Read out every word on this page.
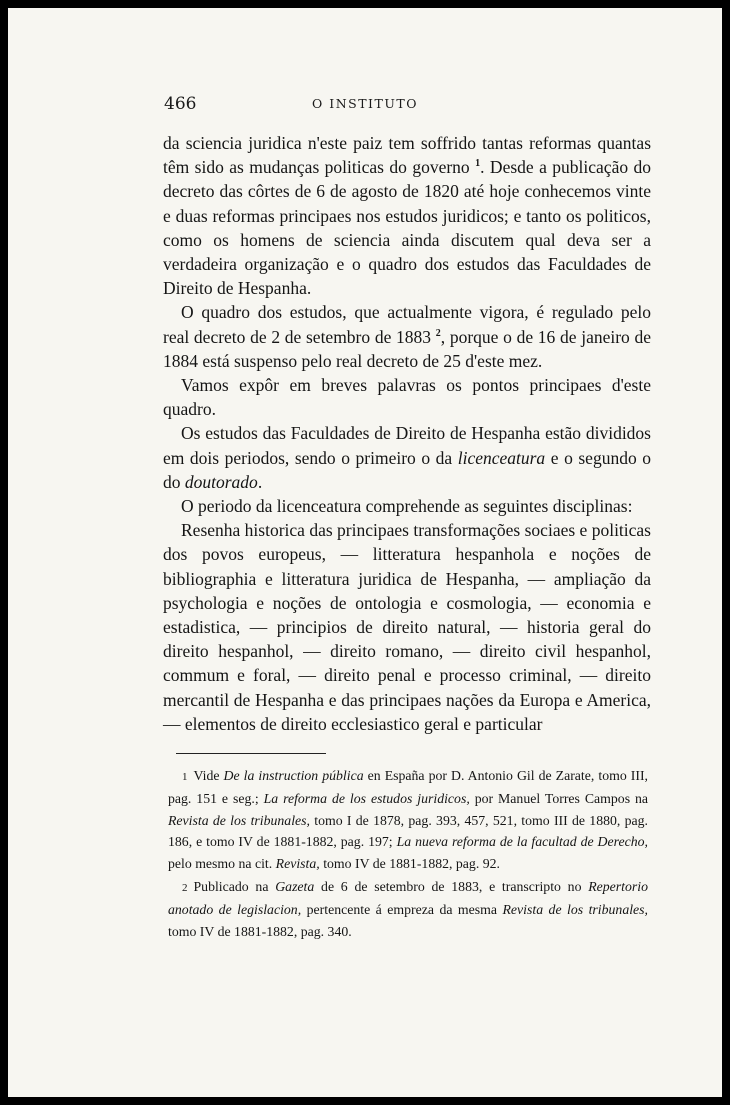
466	O INSTITUTO

da sciencia juridica n'este paiz tem soffrido tantas reformas quantas têm sido as mudanças politicas do governo $^1$. Desde a publicação do decreto das côrtes de 6 de agosto de 1820 até hoje conhecemos vinte e duas reformas principaes nos estudos juridicos; e tanto os politicos, como os homens de sciencia ainda discutem qual deva ser a verdadeira organização e o quadro dos estudos das Faculdades de Direito de Hespanha.

O quadro dos estudos, que actualmente vigora, é regulado pelo real decreto de 2 de setembro de 1883 $^2$, porque o de 16 de janeiro de 1884 está suspenso pelo real decreto de 25 d'este mez.

Vamos expôr em breves palavras os pontos principaes d'este quadro.

Os estudos das Faculdades de Direito de Hespanha estão divididos em dois periodos, sendo o primeiro o da licenceatura e o segundo o do doutorado.

O periodo da licenceatura comprehende as seguintes disciplinas:

Resenha historica das principaes transformações sociaes e politicas dos povos europeus, — litteratura hespanhola e noções de bibliographia e litteratura juridica de Hespanha, — ampliação da psychologia e noções de ontologia e cosmologia, — economia e estadistica, — principios de direito natural, — historia geral do direito hespanhol, — direito romano, — direito civil hespanhol, commum e foral, — direito penal e processo criminal, — direito mercantil de Hespanha e das principaes nações da Europa e America, — elementos de direito ecclesiastico geral e particular

1 Vide De la instruction pública en España por D. Antonio Gil de Zarate, tomo III, pag. 151 e seg.; La reforma de los estudos juridicos, por Manuel Torres Campos na Revista de los tribunales, tomo I de 1878, pag. 393, 457, 521, tomo III de 1880, pag. 186, e tomo IV de 1881-1882, pag. 197; La nueva reforma de la facultad de Derecho, pelo mesmo na cit. Revista, tomo IV de 1881-1882, pag. 92.

2 Publicado na Gazeta de 6 de setembro de 1883, e transcripto no Repertorio anotado de legislacion, pertencente á empreza da mesma Revista de los tribunales, tomo IV de 1881-1882, pag. 340.
